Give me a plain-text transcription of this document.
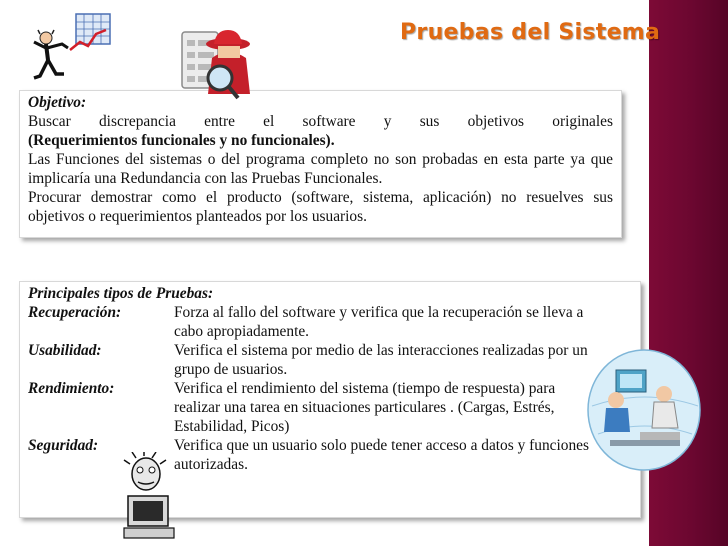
Pruebas del Sistema
Objetivo:
Buscar discrepancia entre el software y sus objetivos originales
(Requerimientos funcionales y no funcionales).
Las Funciones del sistemas o del programa completo no son probadas en esta parte ya que implicaría una Redundancia con las Pruebas Funcionales.
Procurar demostrar como el producto (software, sistema, aplicación) no resuelves sus objetivos o requerimientos planteados por los usuarios.
Principales tipos de Pruebas:
Recuperación:	Forza al fallo del software y verifica que la recuperación se lleva a cabo apropiadamente.
Usabilidad:	Verifica el sistema por medio de las interacciones realizadas por un grupo de usuarios.
Rendimiento:	Verifica el rendimiento del sistema (tiempo de respuesta) para realizar una tarea en situaciones particulares . (Cargas, Estrés, Estabilidad, Picos)
Seguridad:	Verifica que un usuario solo puede tener acceso a datos y funciones autorizadas.
